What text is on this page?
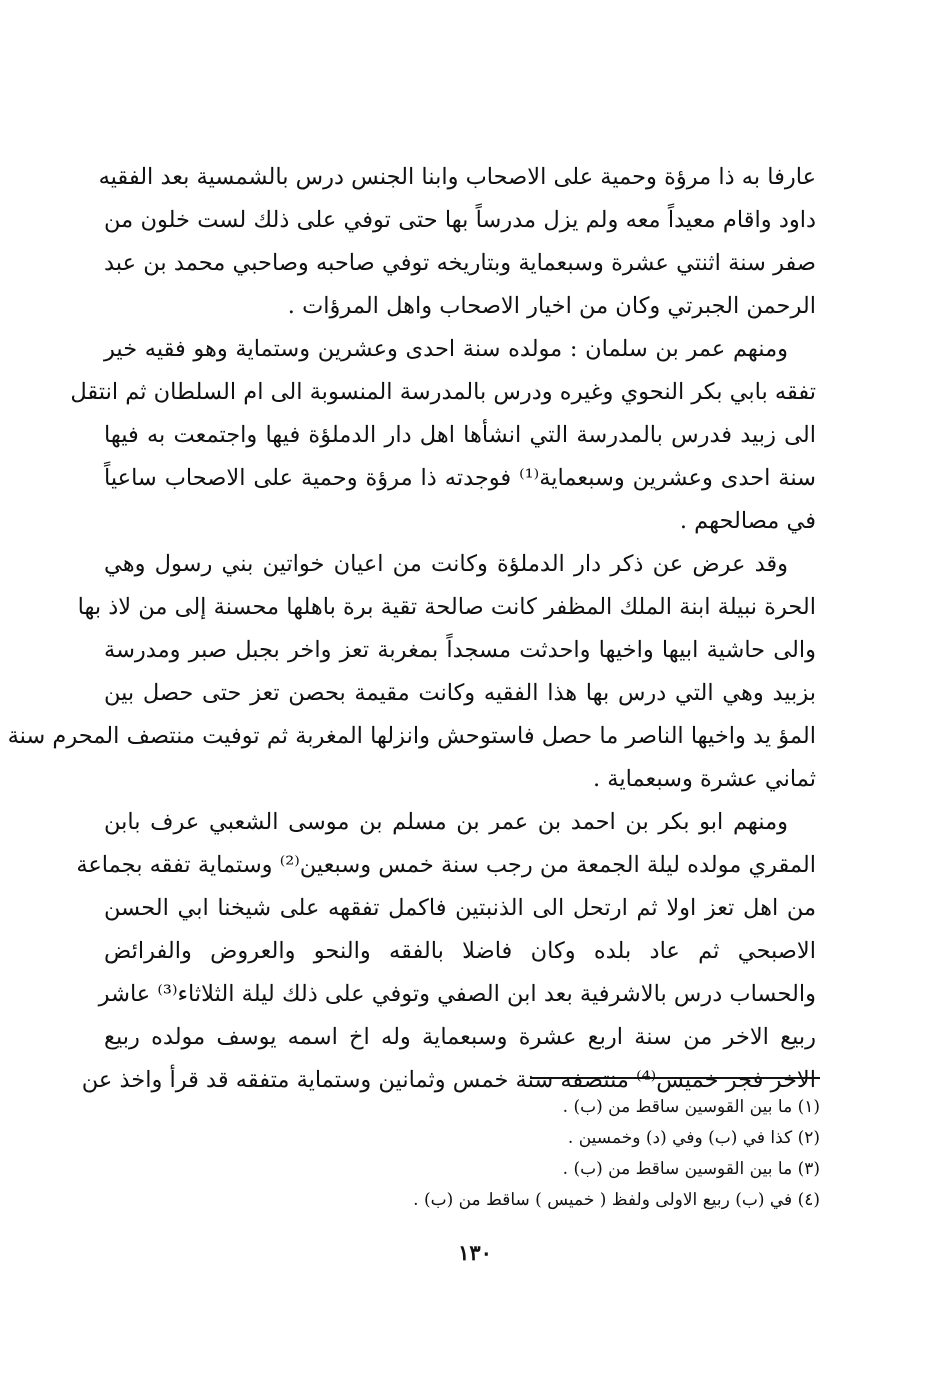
عارفا به ذا مرؤة وحمية على الاصحاب وابنا الجنس درس بالشمسية بعد الفقيه
داود واقام معيداً معه ولم يزل مدرساً بها حتى توفي على ذلك لست خلون من
صفر سنة اثنتي عشرة وسبعماية وبتاريخه توفي صاحبه وصاحبي محمد بن عبد
الرحمن الجبرتي وكان من اخيار الاصحاب واهل المرؤات .
ومنهم عمر بن سلمان : مولده سنة احدى وعشرين وستماية وهو فقيه خير
تفقه بابي بكر النحوي وغيره ودرس بالمدرسة المنسوبة الى ام السلطان ثم انتقل
الى زبيد فدرس بالمدرسة التي انشأها اهل دار الدملؤة فيها واجتمعت به فيها
سنة احدى وعشرين وسبعماية⁽¹⁾ فوجدته ذا مرؤة وحمية على الاصحاب ساعياً
في مصالحهم .
وقد عرض عن ذكر دار الدملؤة وكانت من اعيان خواتين بني رسول وهي
الحرة نبيلة ابنة الملك المظفر كانت صالحة تقية برة باهلها محسنة إلى من لاذ بها
والى حاشية ابيها واخيها واحدثت مسجداً بمغربة تعز واخر بجبل صبر ومدرسة
بزبيد وهي التي درس بها هذا الفقيه وكانت مقيمة بحصن تعز حتى حصل بين
المؤ يد واخيها الناصر ما حصل فاستوحش وانزلها المغربة ثم توفيت منتصف المحرم سنة
ثماني عشرة وسبعماية .
ومنهم ابو بكر بن احمد بن عمر بن مسلم بن موسى الشعبي عرف بابن
المقري مولده ليلة الجمعة من رجب سنة خمس وسبعين⁽²⁾ وستماية تفقه بجماعة
من اهل تعز اولا ثم ارتحل الى الذنبتين فاكمل تفقهه على شيخنا ابي الحسن
الاصبحي ثم عاد بلده وكان فاضلا بالفقه والنحو والعروض والفرائض
والحساب درس بالاشرفية بعد ابن الصفي وتوفي على ذلك ليلة الثلاثاء⁽³⁾ عاشر
ربيع الاخر من سنة اربع عشرة وسبعماية وله اخ اسمه يوسف مولده ربيع
الاخر فجر خميس⁽⁴⁾ منتصفه سنة خمس وثمانين وستماية متفقه قد قرأ واخذ عن
(١) ما بين القوسين ساقط من (ب) .
(٢) كذا في (ب) وفي (د) وخمسين .
(٣) ما بين القوسين ساقط من (ب) .
(٤) في (ب) ربيع الاولى ولفظ ( خميس ) ساقط من (ب) .
١٣٠
